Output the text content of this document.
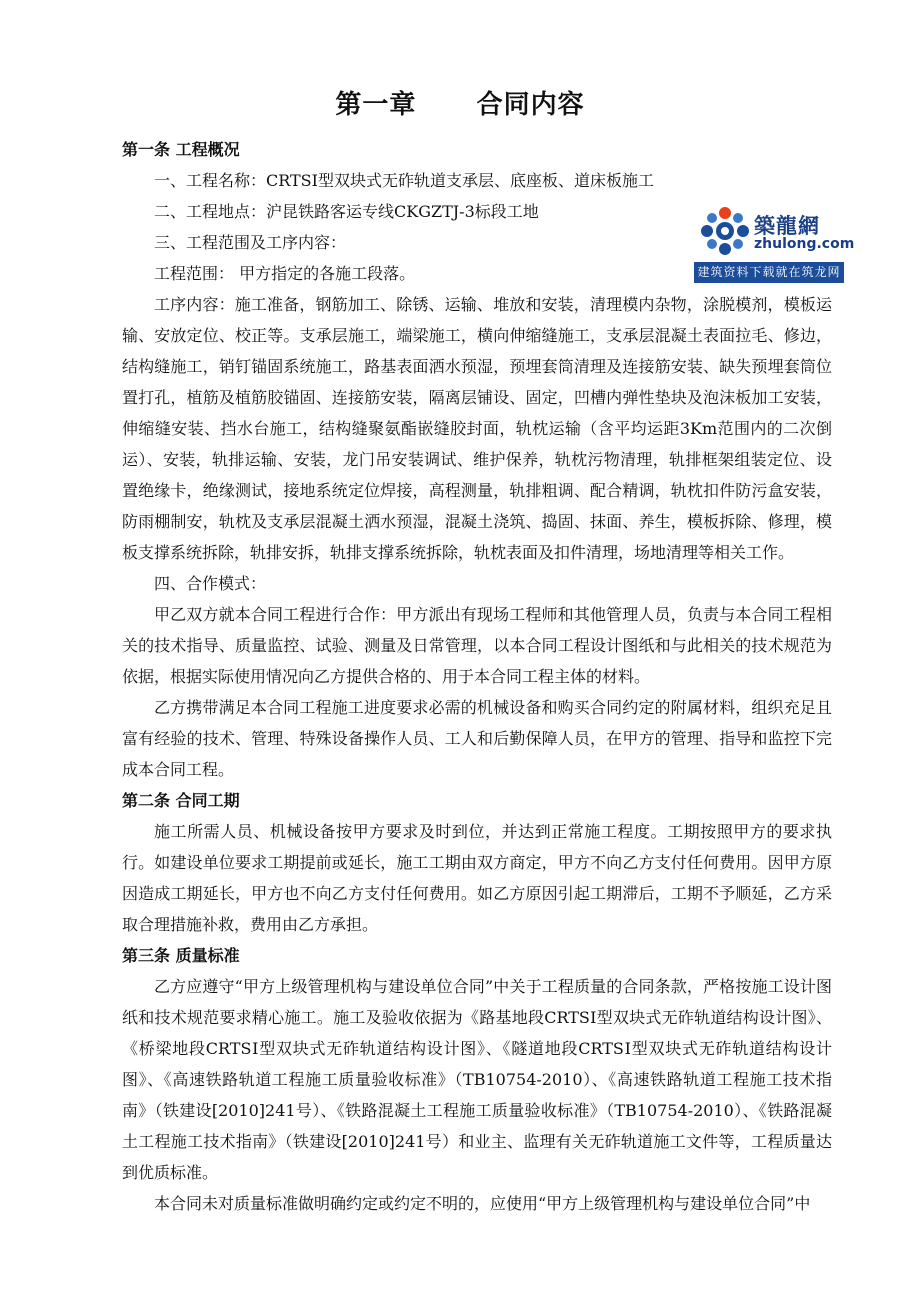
第一章      合同内容
築龍網
zhulong.com
建筑资料下载就在筑龙网
第一条 工程概况

一、工程名称：CRTSⅠ型双块式无砟轨道支承层、底座板、道床板施工

二、工程地点：沪昆铁路客运专线CKGZTJ-3标段工地

三、工程范围及工序内容：

工程范围： 甲方指定的各施工段落。

工序内容：施工准备，钢筋加工、除锈、运输、堆放和安装，清理模内杂物，涂脱模剂，模板运输、安放定位、校正等。支承层施工，端梁施工，横向伸缩缝施工，支承层混凝土表面拉毛、修边，结构缝施工，销钉锚固系统施工，路基表面洒水预湿，预埋套筒清理及连接筋安装、缺失预埋套筒位置打孔，植筋及植筋胶锚固、连接筋安装，隔离层铺设、固定，凹槽内弹性垫块及泡沫板加工安装，伸缩缝安装、挡水台施工，结构缝聚氨酯嵌缝胶封面，轨枕运输（含平均运距3Km范围内的二次倒运）、安装，轨排运输、安装，龙门吊安装调试、维护保养，轨枕污物清理，轨排框架组装定位、设置绝缘卡，绝缘测试，接地系统定位焊接，高程测量，轨排粗调、配合精调，轨枕扣件防污盒安装，防雨棚制安，轨枕及支承层混凝土洒水预湿，混凝土浇筑、捣固、抹面、养生，模板拆除、修理，模板支撑系统拆除，轨排安拆，轨排支撑系统拆除，轨枕表面及扣件清理，场地清理等相关工作。

四、合作模式：

甲乙双方就本合同工程进行合作：甲方派出有现场工程师和其他管理人员，负责与本合同工程相关的技术指导、质量监控、试验、测量及日常管理，以本合同工程设计图纸和与此相关的技术规范为依据，根据实际使用情况向乙方提供合格的、用于本合同工程主体的材料。

乙方携带满足本合同工程施工进度要求必需的机械设备和购买合同约定的附属材料，组织充足且富有经验的技术、管理、特殊设备操作人员、工人和后勤保障人员，在甲方的管理、指导和监控下完成本合同工程。

第二条 合同工期

施工所需人员、机械设备按甲方要求及时到位，并达到正常施工程度。工期按照甲方的要求执行。如建设单位要求工期提前或延长，施工工期由双方商定，甲方不向乙方支付任何费用。因甲方原因造成工期延长，甲方也不向乙方支付任何费用。如乙方原因引起工期滞后，工期不予顺延，乙方采取合理措施补救，费用由乙方承担。

第三条 质量标准

乙方应遵守“甲方上级管理机构与建设单位合同”中关于工程质量的合同条款，严格按施工设计图纸和技术规范要求精心施工。施工及验收依据为《路基地段CRTSⅠ型双块式无砟轨道结构设计图》、《桥梁地段CRTSⅠ型双块式无砟轨道结构设计图》、《隧道地段CRTSⅠ型双块式无砟轨道结构设计图》、《高速铁路轨道工程施工质量验收标准》（TB10754-2010）、《高速铁路轨道工程施工技术指南》（铁建设[2010]241号）、《铁路混凝土工程施工质量验收标准》（TB10754-2010）、《铁路混凝土工程施工技术指南》（铁建设[2010]241号）和业主、监理有关无砟轨道施工文件等，工程质量达到优质标准。

本合同未对质量标准做明确约定或约定不明的，应使用“甲方上级管理机构与建设单位合同”中
